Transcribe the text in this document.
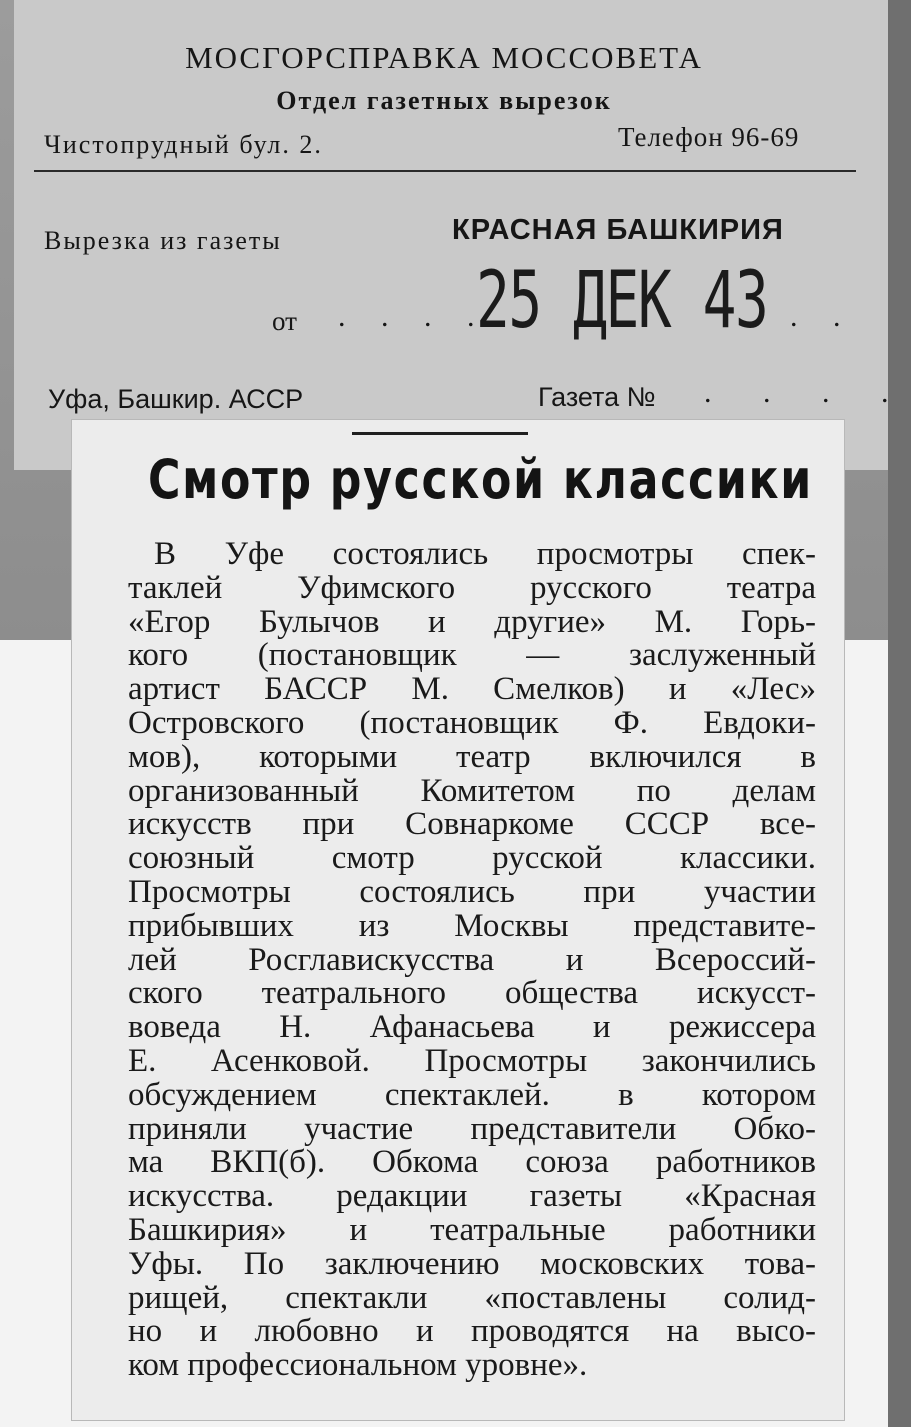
МОСГОРСПРАВКА МОССОВЕТА
Отдел газетных вырезок
Чистопрудный бул. 2.	Телефон 96-69
Вырезка из газеты	КРАСНАЯ БАШКИРИЯ
от . . . .
25 ДЕК 43 . .
Уфа, Башкир. АССР	Газета № . . . .
Смотр русской классики
В Уфе состоялись просмотры спек-
таклей Уфимского русского театра
«Егор Булычов и другие» М. Горь-
кого (постановщик — заслуженный
артист БАССР М. Смелков) и «Лес»
Островского (постановщик Ф. Евдоки-
мов), которыми театр включился в
организованный Комитетом по делам
искусств при Совнаркоме СССР все-
союзный смотр русской классики.
Просмотры состоялись при участии
прибывших из Москвы представите-
лей Росглавискусства и Всероссий-
ского театрального общества искусст-
воведа Н. Афанасьева и режиссера
Е. Асенковой. Просмотры закончились
обсуждением спектаклей. в котором
приняли участие представители Обко-
ма ВКП(б). Обкома союза работников
искусства. редакции газеты «Красная
Башкирия» и театральные работники
Уфы. По заключению московских това-
рищей, спектакли «поставлены солид-
но и любовно и проводятся на высо-
ком профессиональном уровне».
